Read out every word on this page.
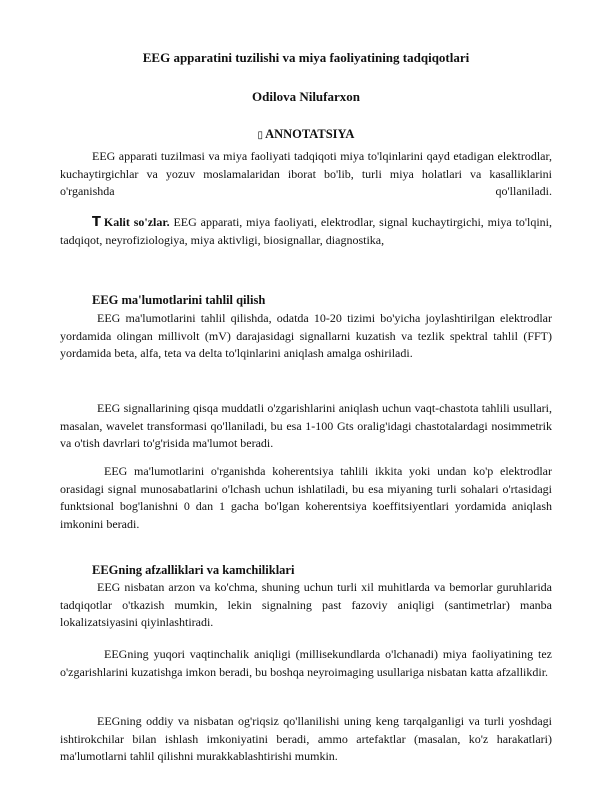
EEG apparatini tuzilishi va miya faoliyatining tadqiqotlari
Odilova Nilufarxon
▯ ANNOTATSIYA

EEG apparati tuzilmasi va miya faoliyati tadqiqoti miya to'lqinlarini qayd etadigan elektrodlar, kuchaytirgichlar va yozuv moslamalaridan iborat bo'lib, turli miya holatlari va kasalliklarini o'rganishda qo'llaniladi.

𝗧 Kalit so'zlar. EEG apparati, miya faoliyati, elektrodlar, signal kuchaytirgichi, miya to'lqini, tadqiqot, neyrofiziologiya, miya aktivligi, biosignallar, diagnostika,

EEG ma'lumotlarini tahlil qilish

EEG ma'lumotlarini tahlil qilishda, odatda 10-20 tizimi bo'yicha joylashtirilgan elektrodlar yordamida olingan millivolt (mV) darajasidagi signallarni kuzatish va tezlik spektral tahlil (FFT) yordamida beta, alfa, teta va delta to'lqinlarini aniqlash amalga oshiriladi.

EEG signallarining qisqa muddatli o'zgarishlarini aniqlash uchun vaqt-chastota tahlili usullari, masalan, wavelet transformasi qo'llaniladi, bu esa 1-100 Gts oralig'idagi chastotalardagi nosimmetrik va o'tish davrlari to'g'risida ma'lumot beradi.

EEG ma'lumotlarini o'rganishda koherentsiya tahlili ikkita yoki undan ko'p elektrodlar orasidagi signal munosabatlarini o'lchash uchun ishlatiladi, bu esa miyaning turli sohalari o'rtasidagi funktsional bog'lanishni 0 dan 1 gacha bo'lgan koherentsiya koeffitsiyentlari yordamida aniqlash imkonini beradi.

EEGning afzalliklari va kamchiliklari

EEG nisbatan arzon va ko'chma, shuning uchun turli xil muhitlarda va bemorlar guruhlarida tadqiqotlar o'tkazish mumkin, lekin signalning past fazoviy aniqligi (santimetrlar) manba lokalizatsiyasini qiyinlashtiradi.

EEGning yuqori vaqtinchalik aniqligi (millisekundlarda o'lchanadi) miya faoliyatining tez o'zgarishlarini kuzatishga imkon beradi, bu boshqa neyroimaging usullariga nisbatan katta afzallikdir.

EEGning oddiy va nisbatan og'riqsiz qo'llanilishi uning keng tarqalganligi va turli yoshdagi ishtirokchilar bilan ishlash imkoniyatini beradi, ammo artefaktlar (masalan, ko'z harakatlari) ma'lumotlarni tahlil qilishni murakkablashtirishi mumkin.
